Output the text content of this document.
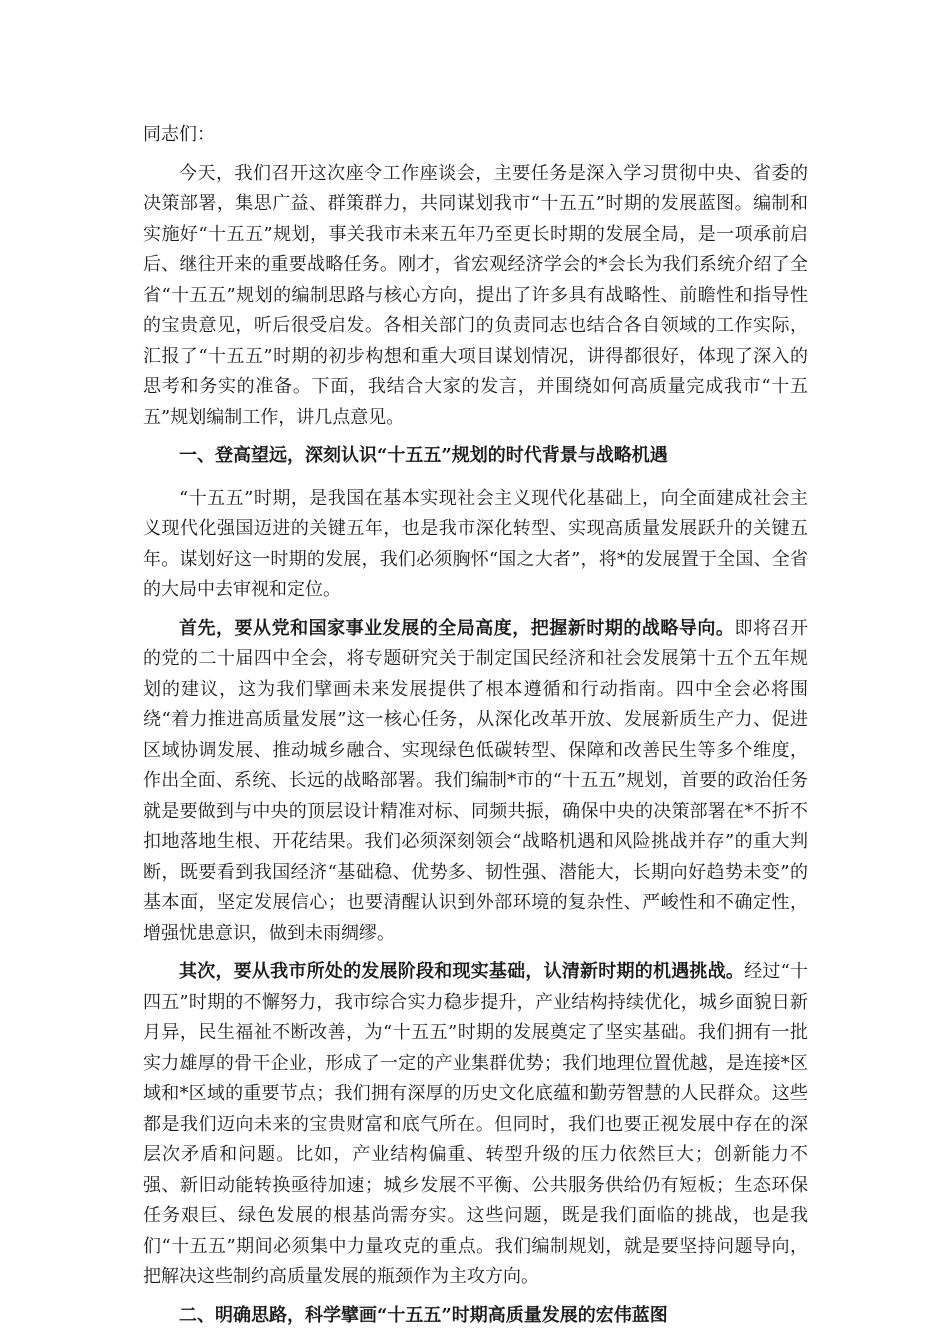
同志们：

今天，我们召开这次座令工作座谈会，主要任务是深入学习贯彻中央、省委的决策部署，集思广益、群策群力，共同谋划我市“十五五”时期的发展蓝图。编制和实施好“十五五”规划，事关我市未来五年乃至更长时期的发展全局，是一项承前启后、继往开来的重要战略任务。刚才，省宏观经济学会的*会长为我们系统介绍了全省“十五五”规划的编制思路与核心方向，提出了许多具有战略性、前瞻性和指导性的宝贵意见，听后很受启发。各相关部门的负责同志也结合各自领域的工作实际，汇报了“十五五”时期的初步构想和重大项目谋划情况，讲得都很好，体现了深入的思考和务实的准备。下面，我结合大家的发言，并围绕如何高质量完成我市“十五五”规划编制工作，讲几点意见。

一、登高望远，深刻认识“十五五”规划的时代背景与战略机遇

“十五五”时期，是我国在基本实现社会主义现代化基础上，向全面建成社会主义现代化强国迈进的关键五年，也是我市深化转型、实现高质量发展跃升的关键五年。谋划好这一时期的发展，我们必须胸怀“国之大者”，将*的发展置于全国、全省的大局中去审视和定位。

首先，要从党和国家事业发展的全局高度，把握新时期的战略导向。即将召开的党的二十届四中全会，将专题研究关于制定国民经济和社会发展第十五个五年规划的建议，这为我们擘画未来发展提供了根本遵循和行动指南。四中全会必将围绕“着力推进高质量发展”这一核心任务，从深化改革开放、发展新质生产力、促进区域协调发展、推动城乡融合、实现绿色低碳转型、保障和改善民生等多个维度，作出全面、系统、长远的战略部署。我们编制*市的“十五五”规划，首要的政治任务就是要做到与中央的顶层设计精准对标、同频共振，确保中央的决策部署在*不折不扣地落地生根、开花结果。我们必须深刻领会“战略机遇和风险挑战并存”的重大判断，既要看到我国经济“基础稳、优势多、韧性强、潜能大，长期向好趋势未变”的基本面，坚定发展信心；也要清醒认识到外部环境的复杂性、严峻性和不确定性，增强忧患意识，做到未雨绸缪。

其次，要从我市所处的发展阶段和现实基础，认清新时期的机遇挑战。经过“十四五”时期的不懈努力，我市综合实力稳步提升，产业结构持续优化，城乡面貌日新月异，民生福祉不断改善，为“十五五”时期的发展奠定了坚实基础。我们拥有一批实力雄厚的骨干企业，形成了一定的产业集群优势；我们地理位置优越，是连接*区域和*区域的重要节点；我们拥有深厚的历史文化底蕴和勤劳智慧的人民群众。这些都是我们迈向未来的宝贵财富和底气所在。但同时，我们也要正视发展中存在的深层次矛盾和问题。比如，产业结构偏重、转型升级的压力依然巨大；创新能力不强、新旧动能转换亟待加速；城乡发展不平衡、公共服务供给仍有短板；生态环保任务艰巨、绿色发展的根基尚需夯实。这些问题，既是我们面临的挑战，也是我们“十五五”期间必须集中力量攻克的重点。我们编制规划，就是要坚持问题导向，把解决这些制约高质量发展的瓶颈作为主攻方向。

二、明确思路，科学擘画“十五五”时期高质量发展的宏伟蓝图
